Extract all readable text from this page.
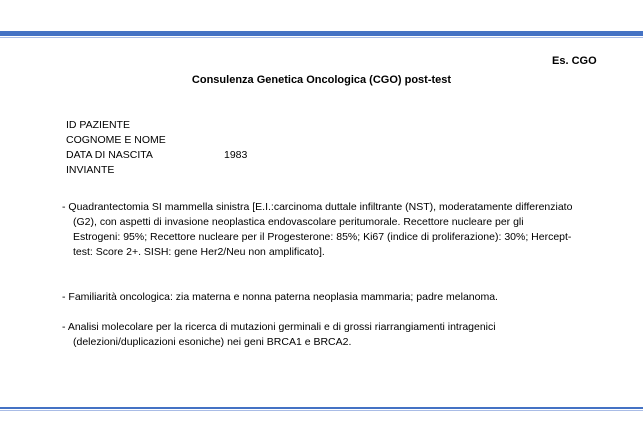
Es. CGO
Consulenza Genetica Oncologica (CGO) post-test
ID PAZIENTE
COGNOME E NOME
DATA DI NASCITA	1983
INVIANTE
- Quadrantectomia SI mammella sinistra [E.I.:carcinoma duttale infiltrante (NST), moderatamente differenziato (G2), con aspetti di invasione neoplastica endovascolare peritumorale. Recettore nucleare per gli Estrogeni: 95%; Recettore nucleare per il Progesterone: 85%; Ki67 (indice di proliferazione): 30%; Hercept-test: Score 2+. SISH: gene Her2/Neu non amplificato].
- Familiarità oncologica: zia materna e nonna paterna neoplasia mammaria; padre melanoma.
- Analisi molecolare per la ricerca di mutazioni germinali e di grossi riarrangiamenti intragenici (delezioni/duplicazioni esoniche) nei geni BRCA1 e BRCA2.
